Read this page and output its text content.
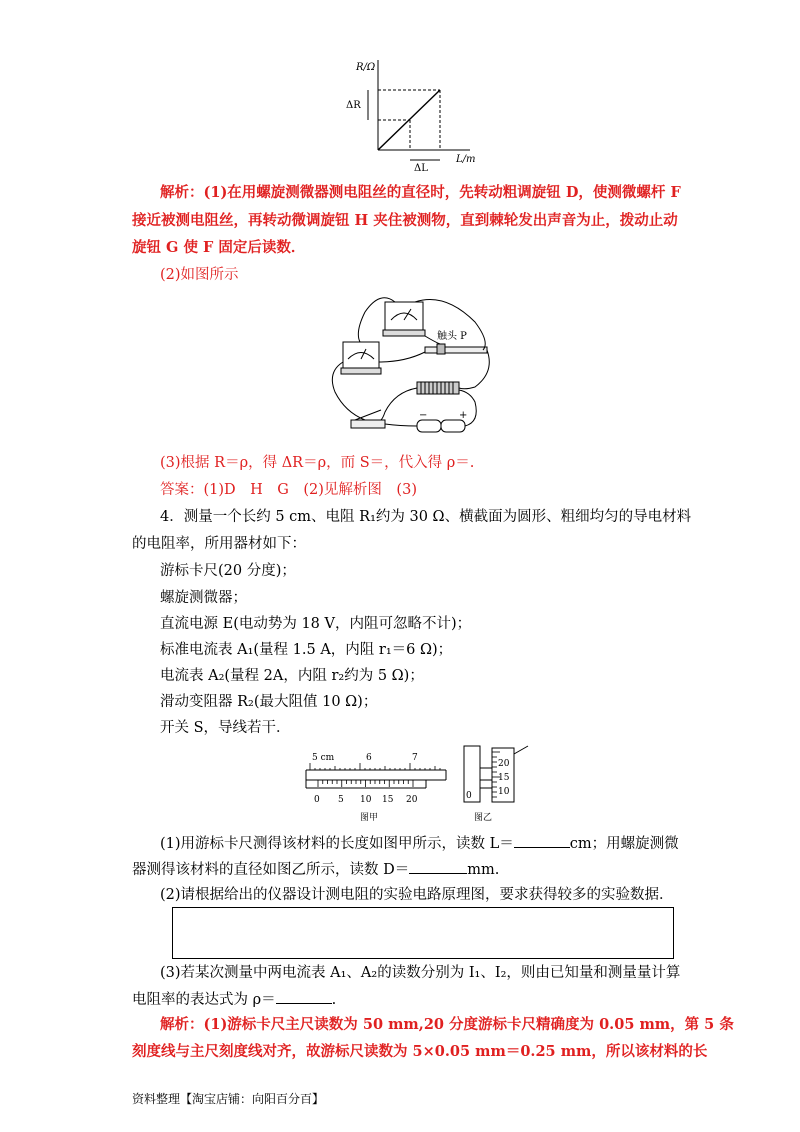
R/Ω
ΔR
ΔL
L/m
解析：(1)在用螺旋测微器测电阻丝的直径时，先转动粗调旋钮 D，使测微螺杆 F
接近被测电阻丝，再转动微调旋钮 H 夹住被测物，直到棘轮发出声音为止，拨动止动
旋钮 G 使 F 固定后读数．
(2)如图所示
触头 P
+
−
(3)根据 R＝ρ，得 ΔR＝ρ，而 S＝，代入得 ρ＝.
答案：(1)D　H　G　(2)见解析图　(3)
4．测量一个长约 5 cm、电阻 R₁约为 30 Ω、横截面为圆形、粗细均匀的导电材料
的电阻率，所用器材如下：
游标卡尺(20 分度)；
螺旋测微器；
直流电源 E(电动势为 18 V，内阻可忽略不计)；
标准电流表 A₁(量程 1.5 A，内阻 r₁＝6 Ω)；
电流表 A₂(量程 2A，内阻 r₂约为 5 Ω)；
滑动变阻器 R₂(最大阻值 10 Ω)；
开关 S，导线若干．
5 cm	6	7
0 5 10 15 20
图甲
20
15
10
0
图乙
(1)用游标卡尺测得该材料的长度如图甲所示，读数 L＝	cm；用螺旋测微
器测得该材料的直径如图乙所示，读数 D＝	mm.
(2)请根据给出的仪器设计测电阻的实验电路原理图，要求获得较多的实验数据．
(3)若某次测量中两电流表 A₁、A₂的读数分别为 I₁、I₂，则由已知量和测量量计算
电阻率的表达式为 ρ＝	.
解析：(1)游标卡尺主尺读数为 50 mm,20 分度游标卡尺精确度为 0.05 mm，第 5 条
刻度线与主尺刻度线对齐，故游标尺读数为 5×0.05 mm＝0.25 mm，所以该材料的长
资料整理【淘宝店铺：向阳百分百】
